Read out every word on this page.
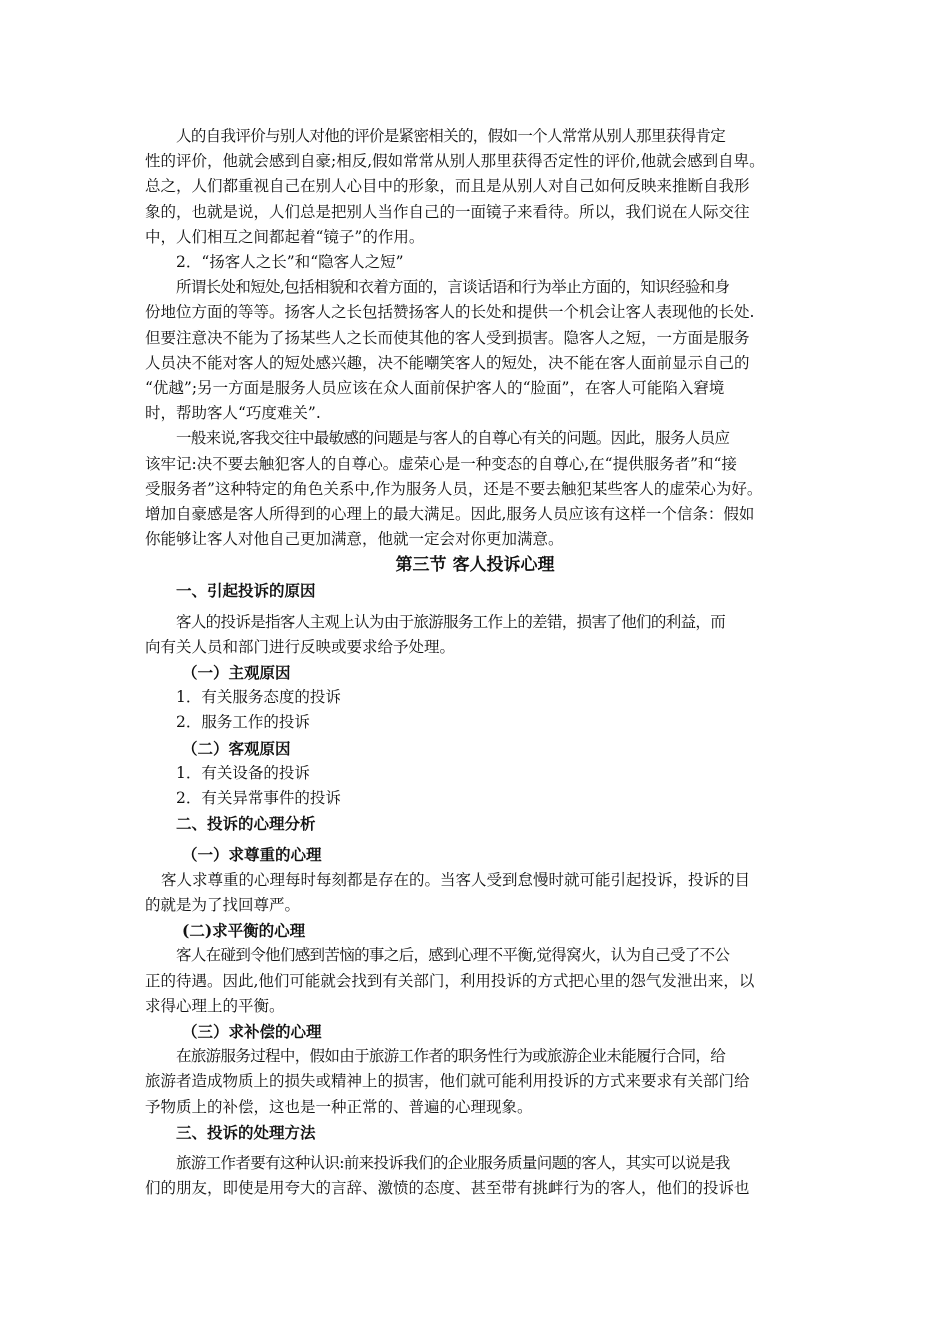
人的自我评价与别人对他的评价是紧密相关的，假如一个人常常从别人那里获得肯定
性的评价，他就会感到自豪;相反,假如常常从别人那里获得否定性的评价,他就会感到自卑。
总之，人们都重视自己在别人心目中的形象，而且是从别人对自己如何反映来推断自我形
象的，也就是说，人们总是把别人当作自己的一面镜子来看待。所以，我们说在人际交往
中，人们相互之间都起着“镜子”的作用。
2．“扬客人之长”和“隐客人之短”
所谓长处和短处,包括相貌和衣着方面的，言谈话语和行为举止方面的，知识经验和身
份地位方面的等等。扬客人之长包括赞扬客人的长处和提供一个机会让客人表现他的长处.
但要注意决不能为了扬某些人之长而使其他的客人受到损害。隐客人之短，一方面是服务
人员决不能对客人的短处感兴趣，决不能嘲笑客人的短处，决不能在客人面前显示自己的
“优越”;另一方面是服务人员应该在众人面前保护客人的“脸面”，在客人可能陷入窘境
时，帮助客人“巧度难关”.
一般来说,客我交往中最敏感的问题是与客人的自尊心有关的问题。因此，服务人员应
该牢记:决不要去触犯客人的自尊心。虚荣心是一种变态的自尊心,在“提供服务者”和“接
受服务者”这种特定的角色关系中,作为服务人员，还是不要去触犯某些客人的虚荣心为好。
增加自豪感是客人所得到的心理上的最大满足。因此,服务人员应该有这样一个信条：假如
你能够让客人对他自己更加满意，他就一定会对你更加满意。
第三节 客人投诉心理
一、引起投诉的原因
客人的投诉是指客人主观上认为由于旅游服务工作上的差错，损害了他们的利益，而
向有关人员和部门进行反映或要求给予处理。
（一）主观原因
1．有关服务态度的投诉
2．服务工作的投诉
（二）客观原因
1．有关设备的投诉
2．有关异常事件的投诉
二、投诉的心理分析
（一）求尊重的心理
客人求尊重的心理每时每刻都是存在的。当客人受到怠慢时就可能引起投诉，投诉的目
的就是为了找回尊严。
(二)求平衡的心理
客人在碰到令他们感到苦恼的事之后，感到心理不平衡,觉得窝火，认为自己受了不公
正的待遇。因此,他们可能就会找到有关部门，利用投诉的方式把心里的怨气发泄出来，以
求得心理上的平衡。
（三）求补偿的心理
在旅游服务过程中，假如由于旅游工作者的职务性行为或旅游企业未能履行合同，给
旅游者造成物质上的损失或精神上的损害，他们就可能利用投诉的方式来要求有关部门给
予物质上的补偿，这也是一种正常的、普遍的心理现象。
三、投诉的处理方法
旅游工作者要有这种认识:前来投诉我们的企业服务质量问题的客人，其实可以说是我
们的朋友，即使是用夸大的言辞、激愤的态度、甚至带有挑衅行为的客人，他们的投诉也
